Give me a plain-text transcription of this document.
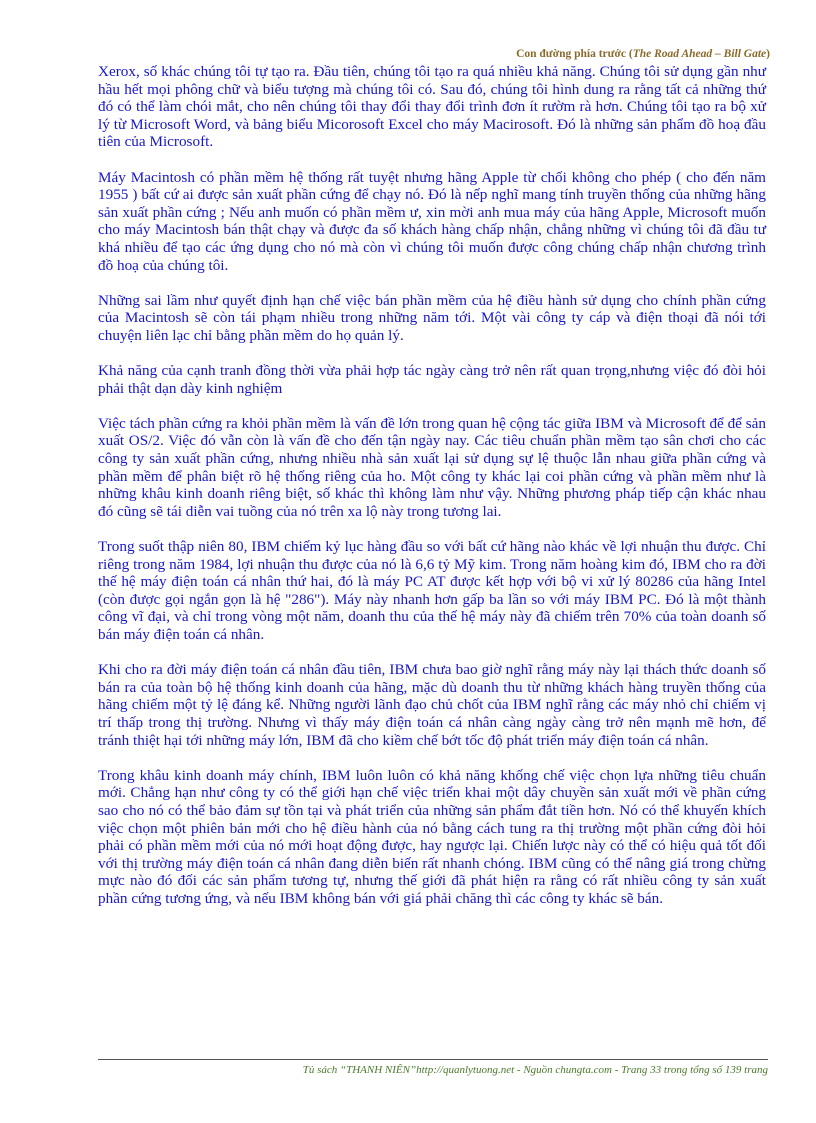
Con đường phía trước (The Road Ahead – Bill Gate)

Xerox, số khác chúng tôi tự tạo ra. Đầu tiên, chúng tôi tạo ra quá nhiều khả năng. Chúng tôi sử dụng gần như hầu hết mọi phông chữ và biểu tượng mà chúng tôi có. Sau đó, chúng tôi hình dung ra rằng tất cả những thứ đó có thể làm chói mắt, cho nên chúng tôi thay đổi thay đổi trình đơn ít rườm rà hơn. Chúng tôi tạo ra bộ xử lý từ Microsoft Word, và bảng biểu Micorosoft Excel cho máy Macirosoft. Đó là những sản phẩm đồ hoạ đầu tiên của Microsoft.

Máy Macintosh có phần mềm hệ thống rất tuyệt nhưng hãng Apple từ chối không cho phép ( cho đến năm 1955 ) bất cứ ai được sản xuất phần cứng để chạy nó. Đó là nếp nghĩ mang tính truyền thống của những hãng sản xuất phần cứng ; Nếu anh muốn có phần mềm ư, xin mời anh mua máy của hãng Apple, Microsoft muốn cho máy Macintosh bán thật chạy và được đa số khách hàng chấp nhận, chẳng những vì chúng tôi đã đầu tư khá nhiều để tạo các ứng dụng cho nó mà còn vì chúng tôi muốn được công chúng chấp nhận chương trình đồ hoạ của chúng tôi.

Những sai lầm như quyết định hạn chế việc bán phần mềm của hệ điều hành sử dụng cho chính phần cứng của Macintosh sẽ còn tái phạm nhiều trong những năm tới. Một vài công ty cáp và điện thoại đã nói tới chuyện liên lạc chỉ bằng phần mềm do họ quản lý.

Khả năng của cạnh tranh đồng thời vừa phải hợp tác ngày càng trở nên rất quan trọng,nhưng việc đó đòi hỏi phải thật dạn dày kinh nghiệm

Việc tách phần cứng ra khỏi phần mềm là vấn đề lớn trong quan hệ cộng tác giữa IBM và Microsoft để để sản xuất OS/2. Việc đó vẫn còn là vấn đề cho đến tận ngày nay. Các tiêu chuẩn phần mềm tạo sân chơi cho các công ty sản xuất phần cứng, nhưng nhiều nhà sản xuất lại sử dụng sự lệ thuộc lẫn nhau giữa phần cứng và phần mềm để phân biệt rõ hệ thống riêng của ho. Một công ty khác lại coi phần cứng và phần mềm như là những khâu kinh doanh riêng biệt, số khác thì không làm như vậy. Những phương pháp tiếp cận khác nhau đó cũng sẽ tái diễn vai tuồng của nó trên xa lộ này trong tương lai.

Trong suốt thập niên 80, IBM chiếm kỷ lục hàng đầu so với bất cứ hãng nào khác về lợi nhuận thu được. Chỉ riêng trong năm 1984, lợi nhuận thu được của nó là 6,6 tỷ Mỹ kim. Trong năm hoàng kim đó, IBM cho ra đời thế hệ máy điện toán cá nhân thứ hai, đó là máy PC AT được kết hợp với bộ vi xử lý 80286 của hãng Intel (còn được gọi ngắn gọn là hệ "286"). Máy này nhanh hơn gấp ba lần so với máy IBM PC. Đó là một thành công vĩ đại, và chỉ trong vòng một năm, doanh thu của thế hệ máy này đã chiếm trên 70% của toàn doanh số bán máy điện toán cá nhân.

Khi cho ra đời máy điện toán cá nhân đầu tiên, IBM chưa bao giờ nghĩ rằng máy này lại thách thức doanh số bán ra của toàn bộ hệ thống kinh doanh của hãng, mặc dù doanh thu từ những khách hàng truyền thống của hãng chiếm một tỷ lệ đáng kể. Những người lãnh đạo chủ chốt của IBM nghĩ rằng các máy nhỏ chỉ chiếm vị trí thấp trong thị trường. Nhưng vì thấy máy điện toán cá nhân càng ngày càng trở nên mạnh mẽ hơn, để tránh thiệt hại tới những máy lớn, IBM đã cho kiềm chế bớt tốc độ phát triển máy điện toán cá nhân.

Trong khâu kinh doanh máy chính, IBM luôn luôn có khả năng khống chế việc chọn lựa những tiêu chuẩn mới. Chẳng hạn như công ty có thể giới hạn chế việc triển khai một dây chuyền sản xuất mới về phần cứng sao cho nó có thể bảo đảm sự tồn tại và phát triển của những sản phẩm đắt tiền hơn. Nó có thể khuyến khích việc chọn một phiên bản mới cho hệ điều hành của nó bằng cách tung ra thị trường một phần cứng đòi hỏi phải có phần mềm mới của nó mới hoạt động được, hay ngược lại. Chiến lược này có thể có hiệu quả tốt đối với thị trường máy điện toán cá nhân đang diễn biến rất nhanh chóng. IBM cũng có thể nâng giá trong chừng mực nào đó đối các sản phẩm tương tự, nhưng thế giới đã phát hiện ra rằng có rất nhiều công ty sản xuất phần cứng tương ứng, và nếu IBM không bán với giá phải chăng thì các công ty khác sẽ bán.

Tủ sách “THANH NIÊN”http://quanlytuong.net - Nguồn chungta.com - Trang 33 trong tổng số 139 trang
